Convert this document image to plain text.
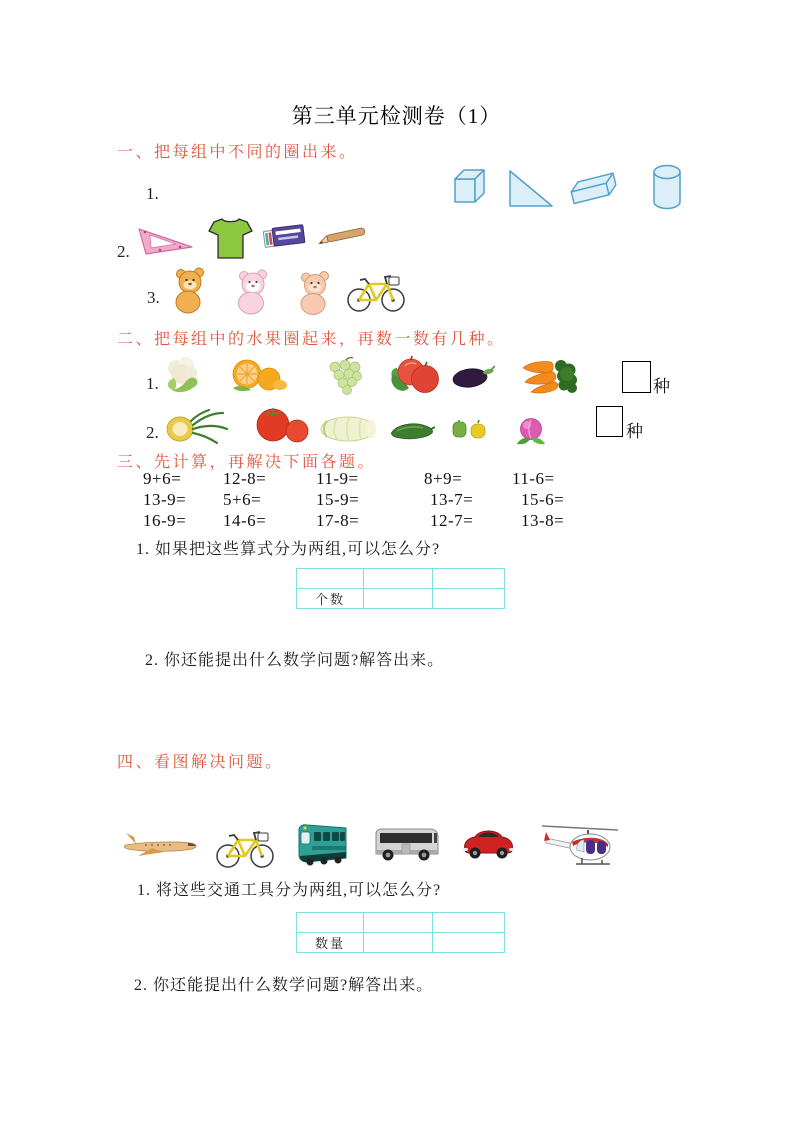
第三单元检测卷（1）
一、把每组中不同的圈出来。
1.
2.
3.
二、把每组中的水果圈起来，再数一数有几种。
1.	种
2.	种
三、先计算，再解决下面各题。
9+6= 12-8=	11-9=	8+9=	11-6=
13-9= 5+6=	15-9=	13-7=	15-6=
16-9= 14-6=	17-8=	12-7=	13-8=
1. 如果把这些算式分为两组,可以怎么分?

个数		
2. 你还能提出什么数学问题?解答出来。
四、看图解决问题。
1. 将这些交通工具分为两组,可以怎么分?

数量		
2. 你还能提出什么数学问题?解答出来。
